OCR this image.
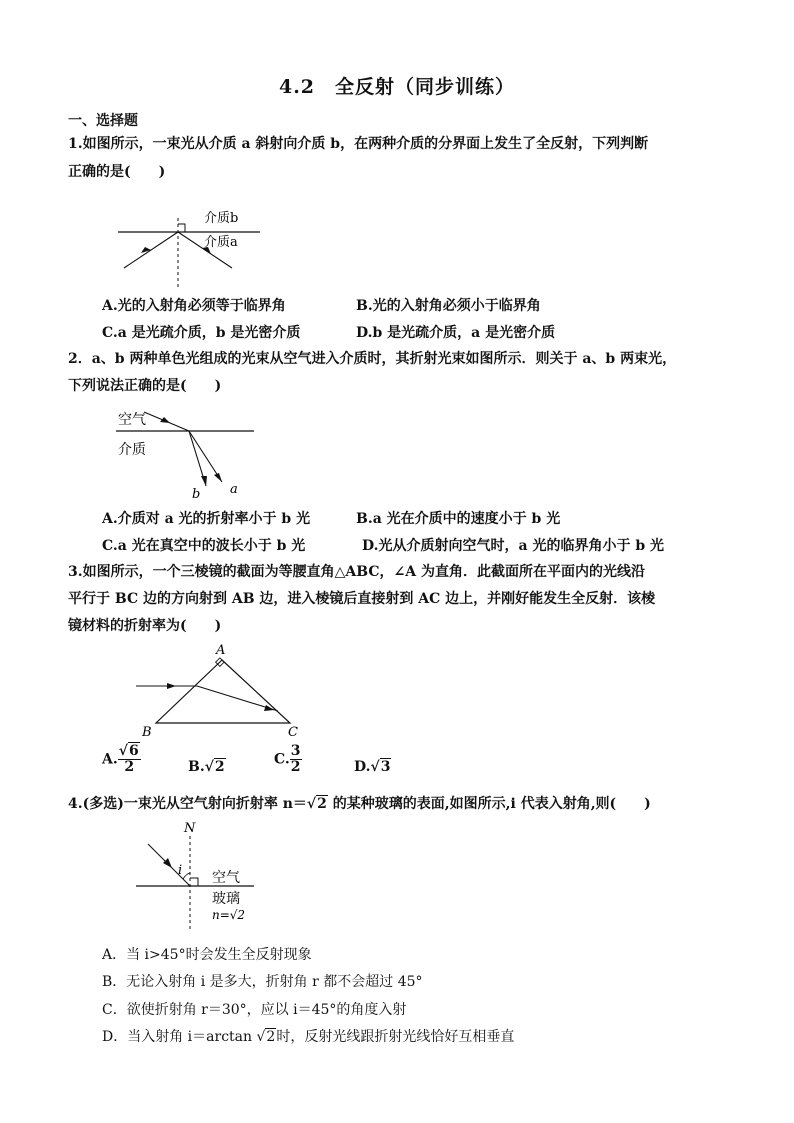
4.2　全反射（同步训练）
一、选择题
1.如图所示，一束光从介质 a 斜射向介质 b，在两种介质的分界面上发生了全反射，下列判断
正确的是(　　)
介质b
介质a
A.光的入射角必须等于临界角	B.光的入射角必须小于临界角
C.a 是光疏介质，b 是光密介质	D.b 是光疏介质，a 是光密介质
2．a、b 两种单色光组成的光束从空气进入介质时，其折射光束如图所示．则关于 a、b 两束光，
下列说法正确的是(　　)
空气
介质
b a
A.介质对 a 光的折射率小于 b 光	B.a 光在介质中的速度小于 b 光
C.a 光在真空中的波长小于 b 光	D.光从介质射向空气时，a 光的临界角小于 b 光
3.如图所示，一个三棱镜的截面为等腰直角△ABC，∠A 为直角．此截面所在平面内的光线沿
平行于 BC 边的方向射到 AB 边，进入棱镜后直接射到 AC 边上，并刚好能发生全反射．该棱
镜材料的折射率为(　　)
A
B	C
A. $\frac{√6}{2}$	B.√2	C. $\frac{3}{2}$	D.√3
4.(多选)一束光从空气射向折射率 n＝√2 的某种玻璃的表面,如图所示,i 代表入射角,则(　　)
N
i 空气
玻璃
n=√2
A．当 i>45°时会发生全反射现象
B．无论入射角 i 是多大，折射角 r 都不会超过 45°
C．欲使折射角 r＝30°，应以 i＝45°的角度入射
D．当入射角 i＝arctan √2时，反射光线跟折射光线恰好互相垂直
